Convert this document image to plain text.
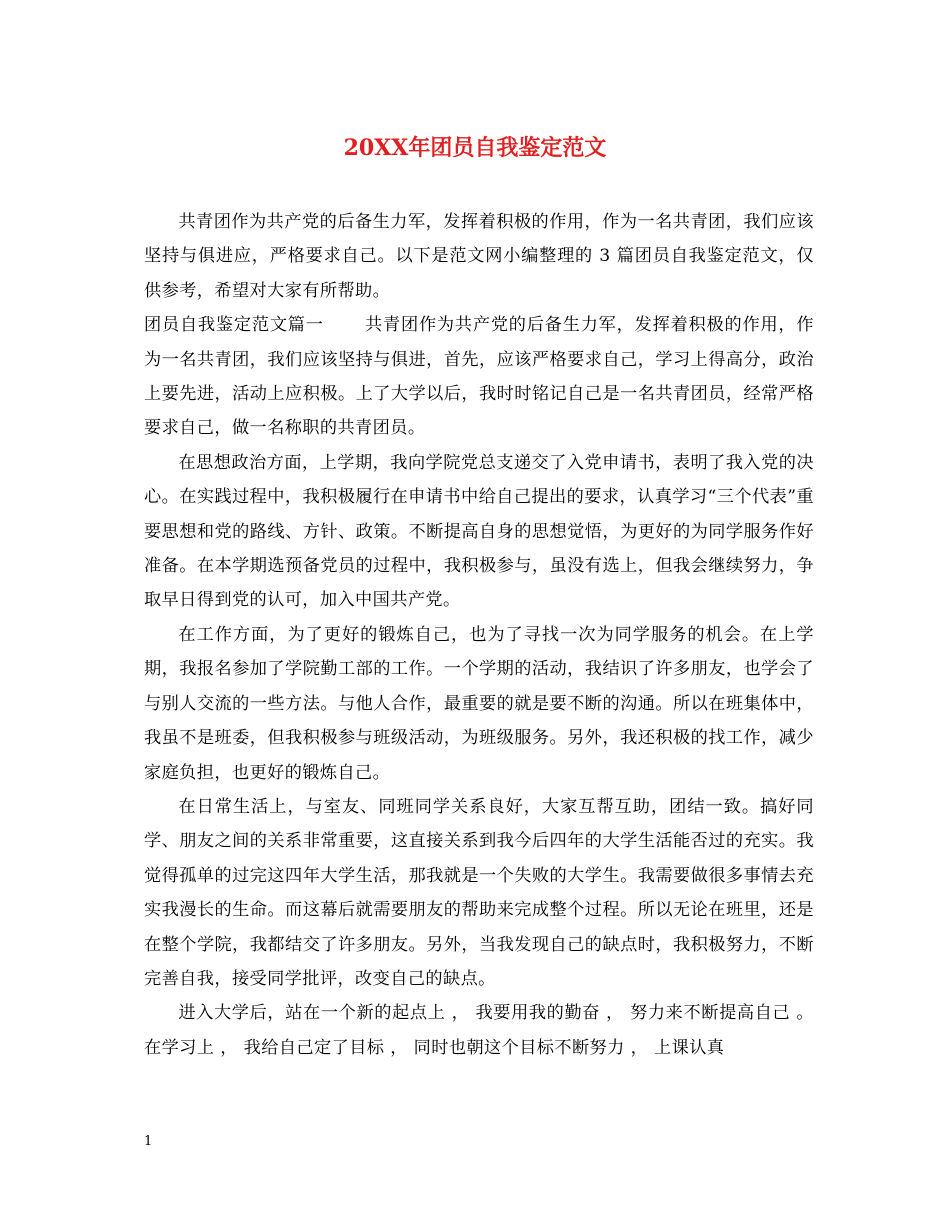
20XX年团员自我鉴定范文

共青团作为共产党的后备生力军，发挥着积极的作用，作为一名共青团，我们应该坚持与俱进应，严格要求自己。以下是范文网小编整理的 3 篇团员自我鉴定范文，仅供参考，希望对大家有所帮助。

团员自我鉴定范文篇一 共青团作为共产党的后备生力军，发挥着积极的作用，作为一名共青团，我们应该坚持与俱进，首先，应该严格要求自己，学习上得高分，政治上要先进，活动上应积极。上了大学以后，我时时铭记自己是一名共青团员，经常严格要求自己，做一名称职的共青团员。

在思想政治方面，上学期，我向学院党总支递交了入党申请书，表明了我入党的决心。在实践过程中，我积极履行在申请书中给自己提出的要求，认真学习“三个代表”重要思想和党的路线、方针、政策。不断提高自身的思想觉悟，为更好的为同学服务作好准备。在本学期选预备党员的过程中，我积极参与，虽没有选上，但我会继续努力，争取早日得到党的认可，加入中国共产党。

在工作方面，为了更好的锻炼自己，也为了寻找一次为同学服务的机会。在上学期，我报名参加了学院勤工部的工作。一个学期的活动，我结识了许多朋友，也学会了与别人交流的一些方法。与他人合作，最重要的就是要不断的沟通。所以在班集体中，我虽不是班委，但我积极参与班级活动，为班级服务。另外，我还积极的找工作，减少家庭负担，也更好的锻炼自己。

在日常生活上，与室友、同班同学关系良好，大家互帮互助，团结一致。搞好同学、朋友之间的关系非常重要，这直接关系到我今后四年的大学生活能否过的充实。我觉得孤单的过完这四年大学生活，那我就是一个失败的大学生。我需要做很多事情去充实我漫长的生命。而这幕后就需要朋友的帮助来完成整个过程。所以无论在班里，还是在整个学院，我都结交了许多朋友。另外，当我发现自己的缺点时，我积极努力，不断完善自我，接受同学批评，改变自己的缺点。

进入大学后，站在一个新的起点上 ， 我要用我的勤奋 ， 努力来不断提高自己 。 在学习上 ， 我给自己定了目标 ， 同时也朝这个目标不断努力 ， 上课认真

1
